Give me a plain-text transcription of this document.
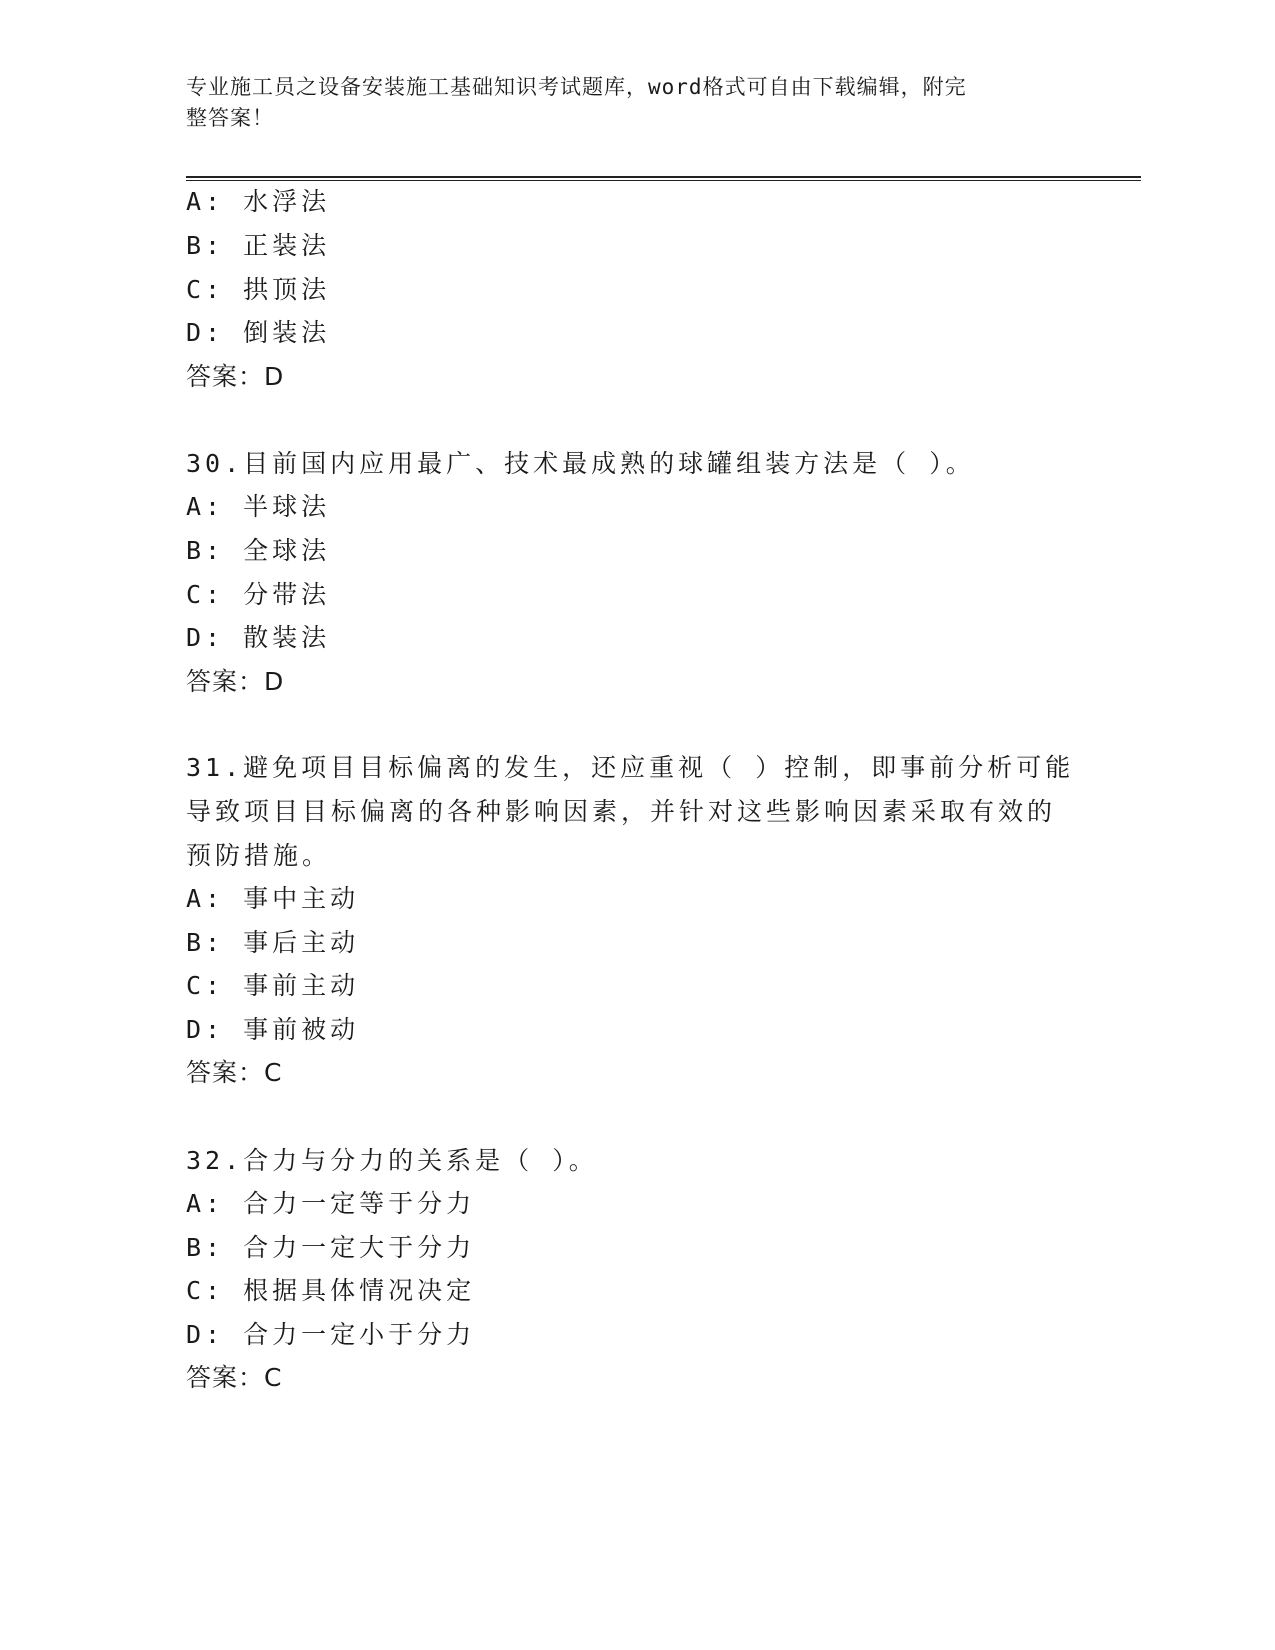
专业施工员之设备安装施工基础知识考试题库，word格式可自由下载编辑，附完
整答案！
A: 水浮法
B: 正装法
C: 拱顶法
D: 倒装法
答案：D
30.目前国内应用最广、技术最成熟的球罐组装方法是（ ）。
A: 半球法
B: 全球法
C: 分带法
D: 散装法
答案：D
31.避免项目目标偏离的发生，还应重视（ ）控制，即事前分析可能
导致项目目标偏离的各种影响因素，并针对这些影响因素采取有效的
预防措施。
A: 事中主动
B: 事后主动
C: 事前主动
D: 事前被动
答案：C
32.合力与分力的关系是（ ）。
A: 合力一定等于分力
B: 合力一定大于分力
C: 根据具体情况决定
D: 合力一定小于分力
答案：C
